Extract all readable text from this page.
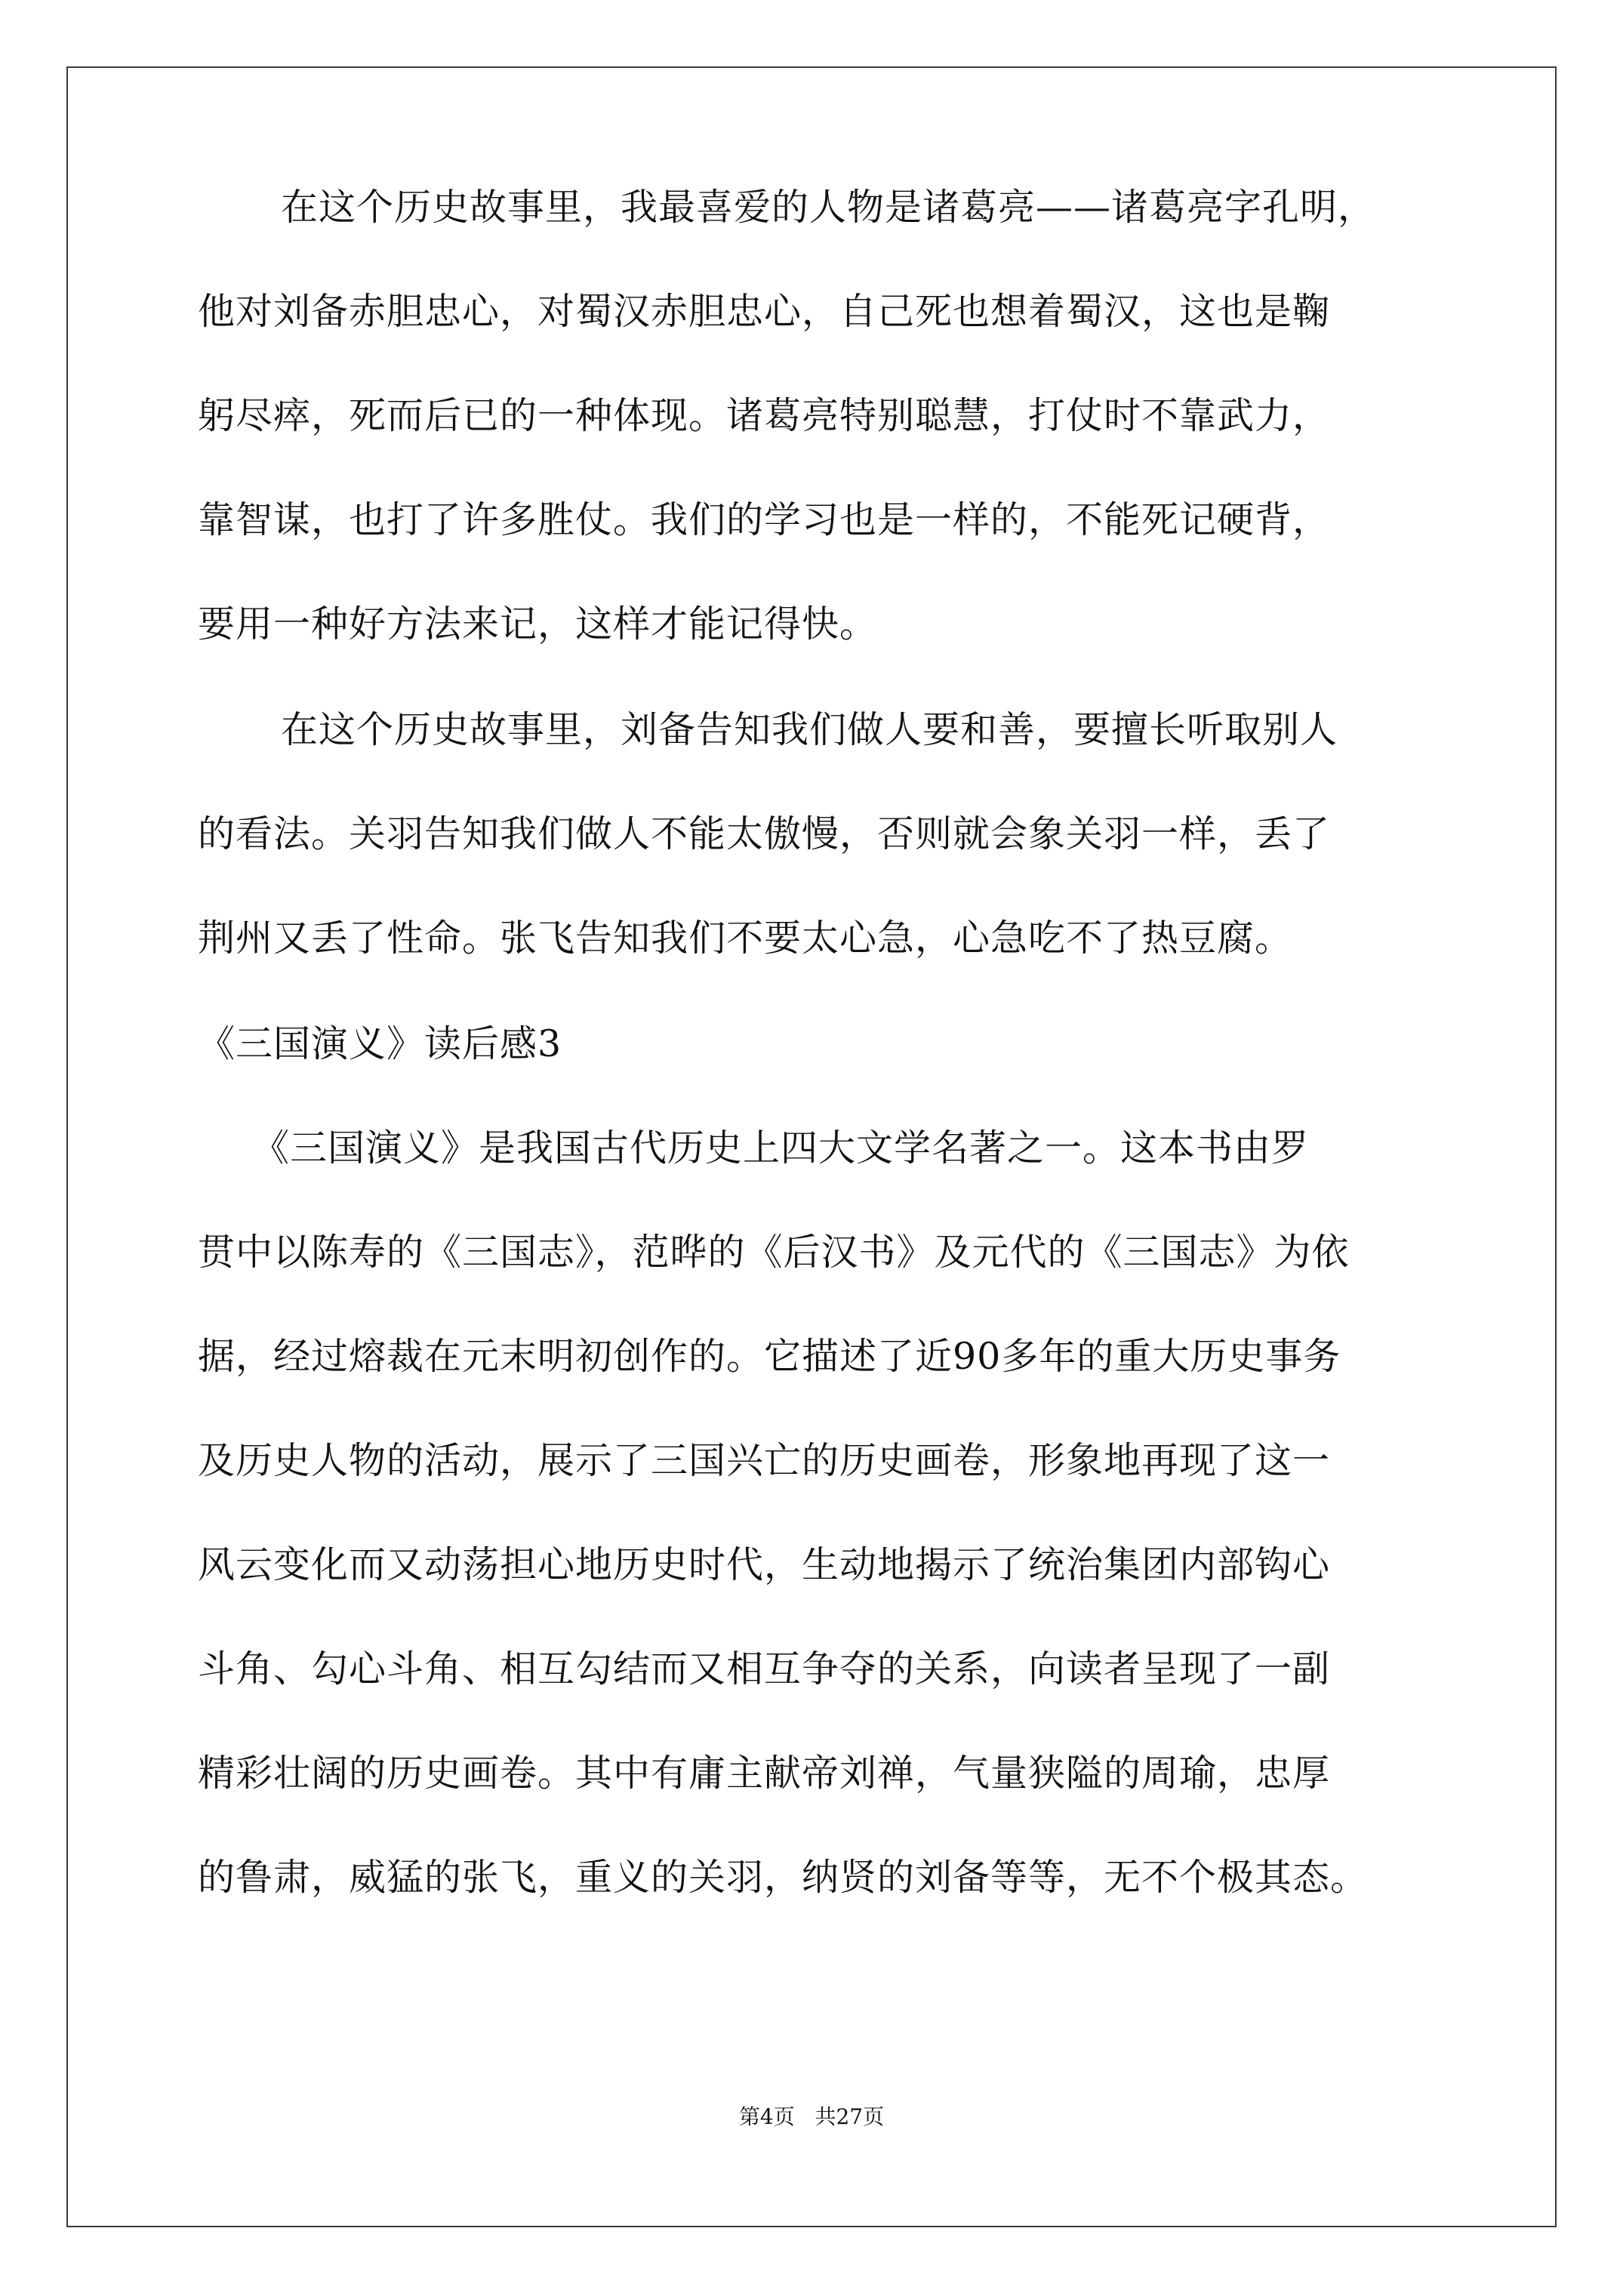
在这个历史故事里，我最喜爱的人物是诸葛亮——诸葛亮字孔明，
他对刘备赤胆忠心，对蜀汉赤胆忠心，自己死也想着蜀汉，这也是鞠
躬尽瘁，死而后已的一种体现。诸葛亮特别聪慧，打仗时不靠武力，
靠智谋，也打了许多胜仗。我们的学习也是一样的，不能死记硬背，
要用一种好方法来记，这样才能记得快。
在这个历史故事里，刘备告知我们做人要和善，要擅长听取别人
的看法。关羽告知我们做人不能太傲慢，否则就会象关羽一样，丢了
荆州又丢了性命。张飞告知我们不要太心急，心急吃不了热豆腐。
《三国演义》读后感3
《三国演义》是我国古代历史上四大文学名著之一。这本书由罗
贯中以陈寿的《三国志》，范晔的《后汉书》及元代的《三国志》为依
据，经过熔裁在元末明初创作的。它描述了近90多年的重大历史事务
及历史人物的活动，展示了三国兴亡的历史画卷，形象地再现了这一
风云变化而又动荡担心地历史时代，生动地揭示了统治集团内部钩心
斗角、勾心斗角、相互勾结而又相互争夺的关系，向读者呈现了一副
精彩壮阔的历史画卷。其中有庸主献帝刘禅，气量狭隘的周瑜，忠厚
的鲁肃，威猛的张飞，重义的关羽，纳贤的刘备等等，无不个极其态。
第4页   共27页
